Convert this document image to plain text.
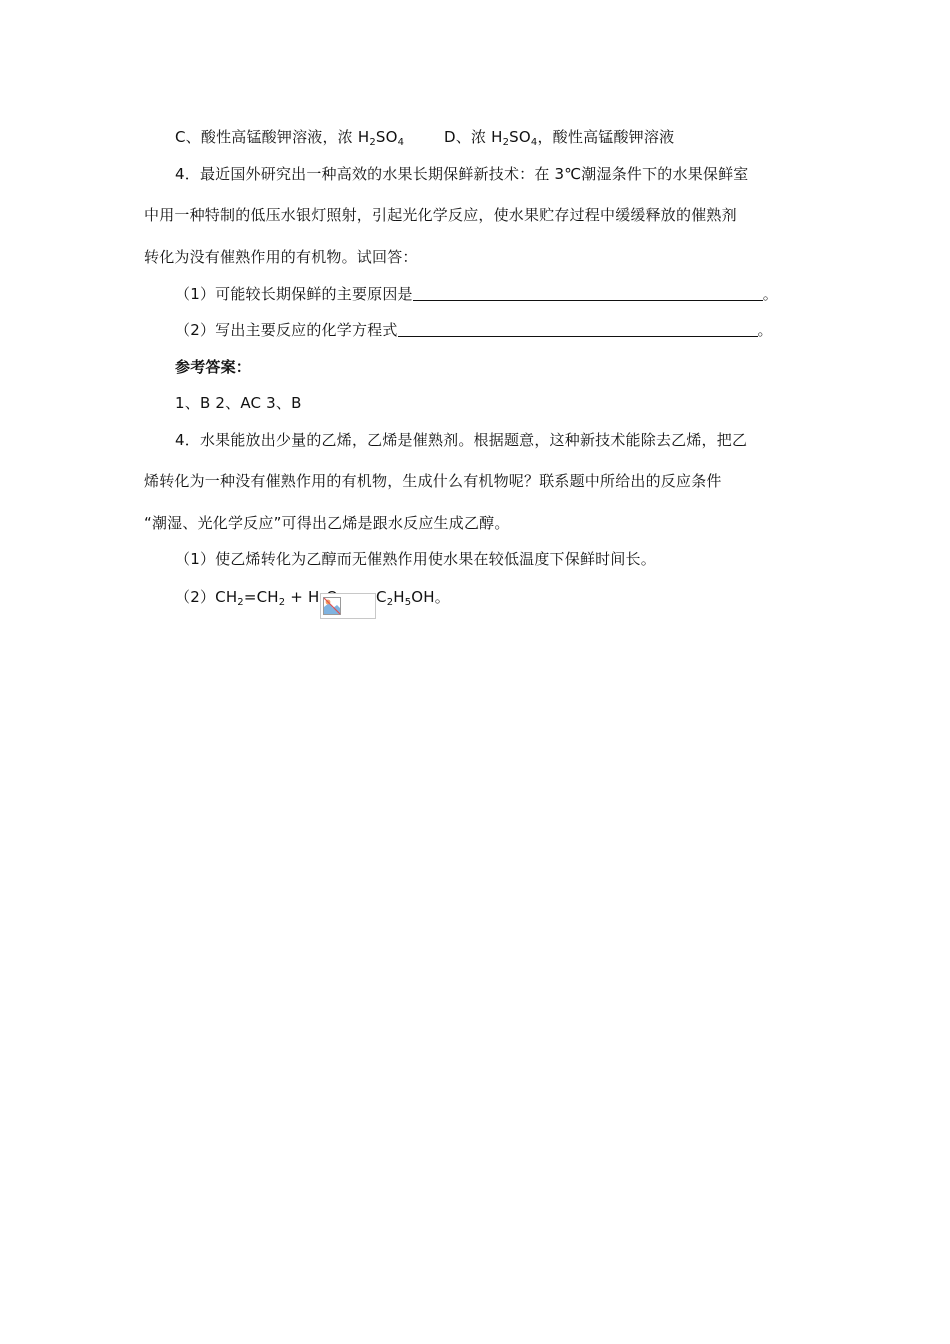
C、酸性高锰酸钾溶液，浓 $H_2SO_4$	D、浓 $H_2SO_4$，酸性高锰酸钾溶液
4．最近国外研究出一种高效的水果长期保鲜新技术：在 3℃潮湿条件下的水果保鲜室
中用一种特制的低压水银灯照射，引起光化学反应，使水果贮存过程中缓缓释放的催熟剂
转化为没有催熟作用的有机物。试回答：
（1）可能较长期保鲜的主要原因是	。
（2）写出主要反应的化学方程式	。
参考答案：
1、B 2、AC 3、B
4．水果能放出少量的乙烯，乙烯是催熟剂。根据题意，这种新技术能除去乙烯，把乙
烯转化为一种没有催熟作用的有机物，生成什么有机物呢？联系题中所给出的反应条件
“潮湿、光化学反应”可得出乙烯是跟水反应生成乙醇。
（1）使乙烯转化为乙醇而无催熟作用使水果在较低温度下保鲜时间长。
$(2)CH_2=CH_2 + H$	$C_2H_5OH$。
